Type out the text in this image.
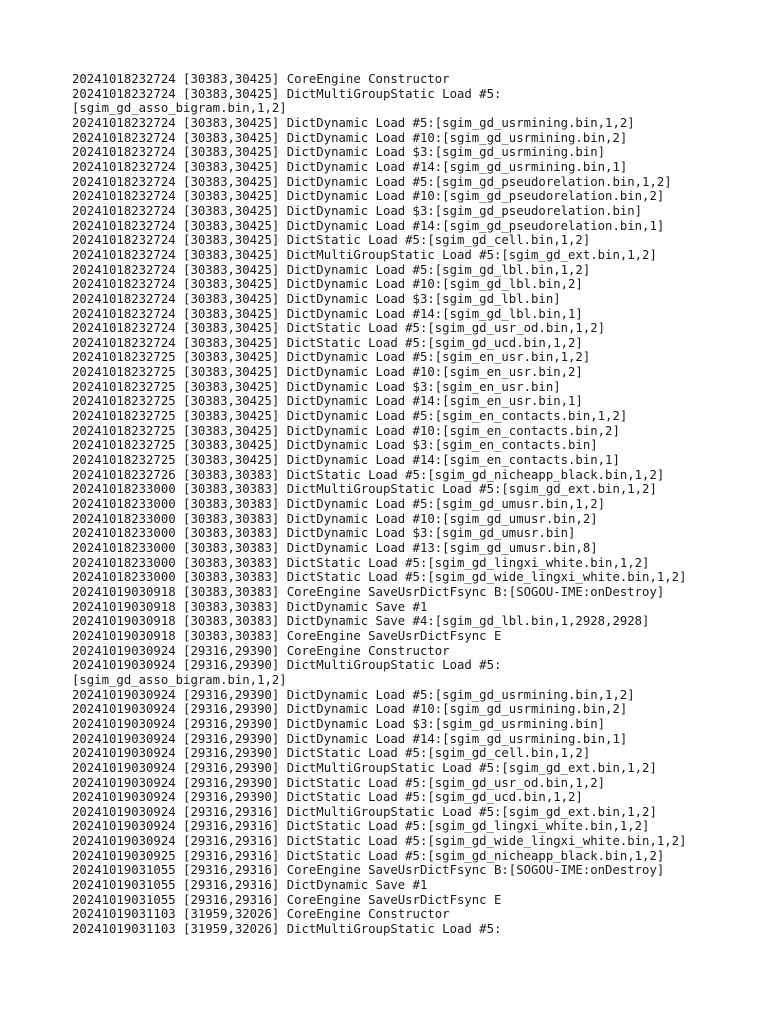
20241018232724 [30383,30425] CoreEngine Constructor
20241018232724 [30383,30425] DictMultiGroupStatic Load #5:
[sgim_gd_asso_bigram.bin,1,2]
20241018232724 [30383,30425] DictDynamic Load #5:[sgim_gd_usrmining.bin,1,2]
20241018232724 [30383,30425] DictDynamic Load #10:[sgim_gd_usrmining.bin,2]
20241018232724 [30383,30425] DictDynamic Load $3:[sgim_gd_usrmining.bin]
20241018232724 [30383,30425] DictDynamic Load #14:[sgim_gd_usrmining.bin,1]
20241018232724 [30383,30425] DictDynamic Load #5:[sgim_gd_pseudorelation.bin,1,2]
20241018232724 [30383,30425] DictDynamic Load #10:[sgim_gd_pseudorelation.bin,2]
20241018232724 [30383,30425] DictDynamic Load $3:[sgim_gd_pseudorelation.bin]
20241018232724 [30383,30425] DictDynamic Load #14:[sgim_gd_pseudorelation.bin,1]
20241018232724 [30383,30425] DictStatic Load #5:[sgim_gd_cell.bin,1,2]
20241018232724 [30383,30425] DictMultiGroupStatic Load #5:[sgim_gd_ext.bin,1,2]
20241018232724 [30383,30425] DictDynamic Load #5:[sgim_gd_lbl.bin,1,2]
20241018232724 [30383,30425] DictDynamic Load #10:[sgim_gd_lbl.bin,2]
20241018232724 [30383,30425] DictDynamic Load $3:[sgim_gd_lbl.bin]
20241018232724 [30383,30425] DictDynamic Load #14:[sgim_gd_lbl.bin,1]
20241018232724 [30383,30425] DictStatic Load #5:[sgim_gd_usr_od.bin,1,2]
20241018232724 [30383,30425] DictStatic Load #5:[sgim_gd_ucd.bin,1,2]
20241018232725 [30383,30425] DictDynamic Load #5:[sgim_en_usr.bin,1,2]
20241018232725 [30383,30425] DictDynamic Load #10:[sgim_en_usr.bin,2]
20241018232725 [30383,30425] DictDynamic Load $3:[sgim_en_usr.bin]
20241018232725 [30383,30425] DictDynamic Load #14:[sgim_en_usr.bin,1]
20241018232725 [30383,30425] DictDynamic Load #5:[sgim_en_contacts.bin,1,2]
20241018232725 [30383,30425] DictDynamic Load #10:[sgim_en_contacts.bin,2]
20241018232725 [30383,30425] DictDynamic Load $3:[sgim_en_contacts.bin]
20241018232725 [30383,30425] DictDynamic Load #14:[sgim_en_contacts.bin,1]
20241018232726 [30383,30383] DictStatic Load #5:[sgim_gd_nicheapp_black.bin,1,2]
20241018233000 [30383,30383] DictMultiGroupStatic Load #5:[sgim_gd_ext.bin,1,2]
20241018233000 [30383,30383] DictDynamic Load #5:[sgim_gd_umusr.bin,1,2]
20241018233000 [30383,30383] DictDynamic Load #10:[sgim_gd_umusr.bin,2]
20241018233000 [30383,30383] DictDynamic Load $3:[sgim_gd_umusr.bin]
20241018233000 [30383,30383] DictDynamic Load #13:[sgim_gd_umusr.bin,8]
20241018233000 [30383,30383] DictStatic Load #5:[sgim_gd_lingxi_white.bin,1,2]
20241018233000 [30383,30383] DictStatic Load #5:[sgim_gd_wide_lingxi_white.bin,1,2]
20241019030918 [30383,30383] CoreEngine SaveUsrDictFsync B:[SOGOU-IME:onDestroy]
20241019030918 [30383,30383] DictDynamic Save #1
20241019030918 [30383,30383] DictDynamic Save #4:[sgim_gd_lbl.bin,1,2928,2928]
20241019030918 [30383,30383] CoreEngine SaveUsrDictFsync E
20241019030924 [29316,29390] CoreEngine Constructor
20241019030924 [29316,29390] DictMultiGroupStatic Load #5:
[sgim_gd_asso_bigram.bin,1,2]
20241019030924 [29316,29390] DictDynamic Load #5:[sgim_gd_usrmining.bin,1,2]
20241019030924 [29316,29390] DictDynamic Load #10:[sgim_gd_usrmining.bin,2]
20241019030924 [29316,29390] DictDynamic Load $3:[sgim_gd_usrmining.bin]
20241019030924 [29316,29390] DictDynamic Load #14:[sgim_gd_usrmining.bin,1]
20241019030924 [29316,29390] DictStatic Load #5:[sgim_gd_cell.bin,1,2]
20241019030924 [29316,29390] DictMultiGroupStatic Load #5:[sgim_gd_ext.bin,1,2]
20241019030924 [29316,29390] DictStatic Load #5:[sgim_gd_usr_od.bin,1,2]
20241019030924 [29316,29390] DictStatic Load #5:[sgim_gd_ucd.bin,1,2]
20241019030924 [29316,29316] DictMultiGroupStatic Load #5:[sgim_gd_ext.bin,1,2]
20241019030924 [29316,29316] DictStatic Load #5:[sgim_gd_lingxi_white.bin,1,2]
20241019030924 [29316,29316] DictStatic Load #5:[sgim_gd_wide_lingxi_white.bin,1,2]
20241019030925 [29316,29316] DictStatic Load #5:[sgim_gd_nicheapp_black.bin,1,2]
20241019031055 [29316,29316] CoreEngine SaveUsrDictFsync B:[SOGOU-IME:onDestroy]
20241019031055 [29316,29316] DictDynamic Save #1
20241019031055 [29316,29316] CoreEngine SaveUsrDictFsync E
20241019031103 [31959,32026] CoreEngine Constructor
20241019031103 [31959,32026] DictMultiGroupStatic Load #5:
